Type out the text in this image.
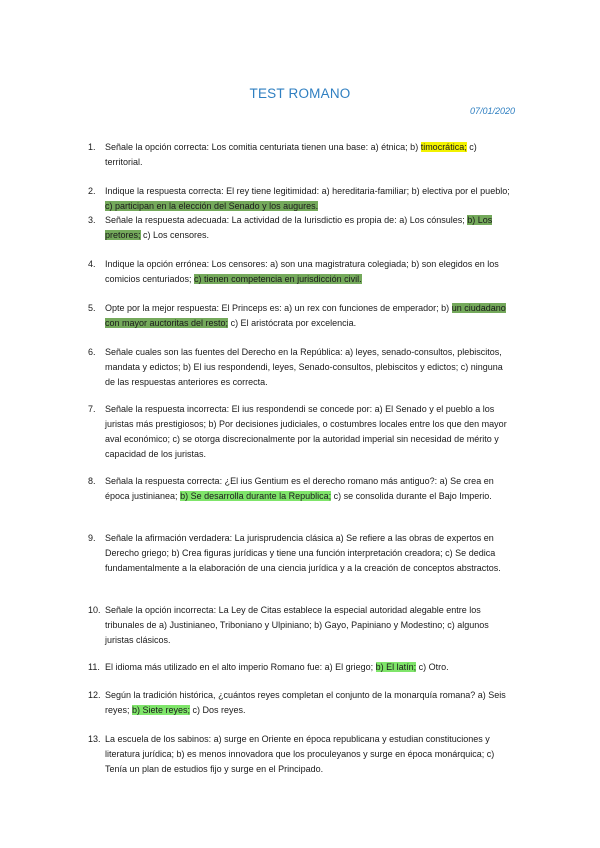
TEST ROMANO
07/01/2020
1. Señale la opción correcta: Los comitia centuriata tienen una base: a) étnica; b) timocrática; c) territorial.
2. Indique la respuesta correcta: El rey tiene legitimidad: a) hereditaria-familiar; b) electiva por el pueblo; c) participan en la elección del Senado y los augures.
3. Señale la respuesta adecuada: La actividad de la Iurisdictio es propia de: a) Los cónsules; b) Los pretores; c) Los censores.
4. Indique la opción errónea: Los censores: a) son una magistratura colegiada; b) son elegidos en los comicios centuriados; c) tienen competencia en jurisdicción civil.
5. Opte por la mejor respuesta: El Princeps es: a) un rex con funciones de emperador; b) un ciudadano con mayor auctoritas del resto; c) El aristócrata por excelencia.
6. Señale cuales son las fuentes del Derecho en la República: a) leyes, senado-consultos, plebiscitos, mandata y edictos; b) El ius respondendi, leyes, Senado-consultos, plebiscitos y edictos; c) ninguna de las respuestas anteriores es correcta.
7. Señale la respuesta incorrecta: El ius respondendi se concede por: a) El Senado y el pueblo a los juristas más prestigiosos; b) Por decisiones judiciales, o costumbres locales entre los que den mayor aval económico; c) se otorga discrecionalmente por la autoridad imperial sin necesidad de mérito y capacidad de los juristas.
8. Señala la respuesta correcta: ¿El ius Gentium es el derecho romano más antiguo?: a) Se crea en época justinianea; b) Se desarrolla durante la Republica; c) se consolida durante el Bajo Imperio.
9. Señale la afirmación verdadera: La jurisprudencia clásica a) Se refiere a las obras de expertos en Derecho griego; b) Crea figuras jurídicas y tiene una función interpretación creadora; c) Se dedica fundamentalmente a la elaboración de una ciencia jurídica y a la creación de conceptos abstractos.
10. Señale la opción incorrecta: La Ley de Citas establece la especial autoridad alegable entre los tribunales de a) Justinianeo, Triboniano y Ulpiniano; b) Gayo, Papiniano y Modestino; c) algunos juristas clásicos.
11. El idioma más utilizado en el alto imperio Romano fue: a) El griego; b) El latín; c) Otro.
12. Según la tradición histórica, ¿cuántos reyes completan el conjunto de la monarquía romana? a) Seis reyes; b) Siete reyes; c) Dos reyes.
13. La escuela de los sabinos: a) surge en Oriente en época republicana y estudian constituciones y literatura jurídica; b) es menos innovadora que los proculeyanos y surge en época monárquica; c) Tenía un plan de estudios fijo y surge en el Principado.
